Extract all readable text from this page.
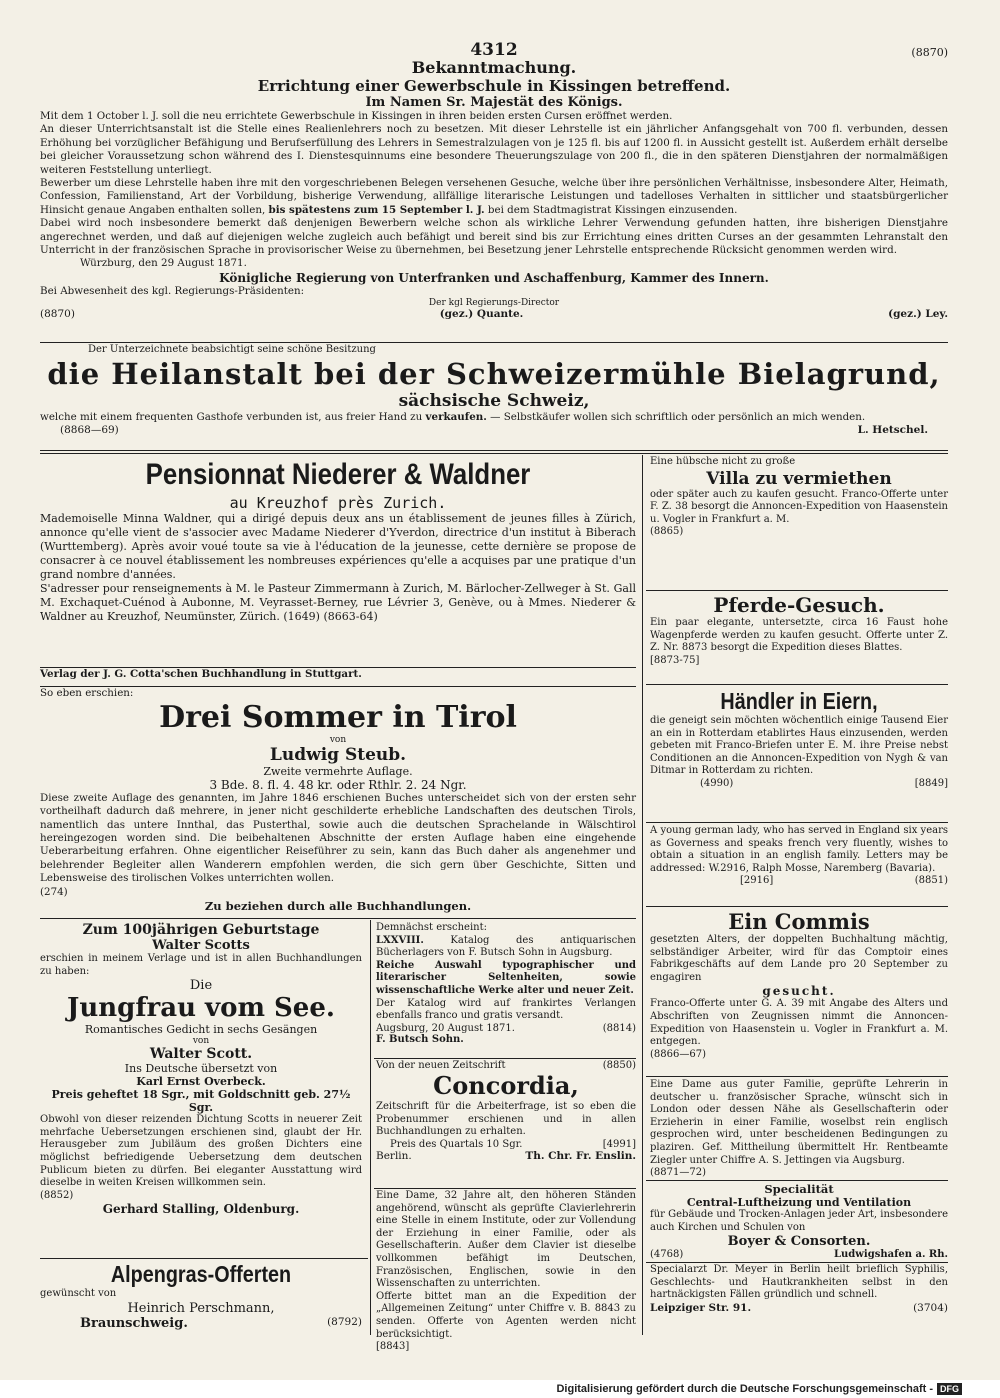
4312	(8870)
Bekanntmachung.
Errichtung einer Gewerbschule in Kissingen betreffend.
Im Namen Sr. Majestät des Königs.

Mit dem 1 October l. J. soll die neu errichtete Gewerbschule in Kissingen in ihren beiden ersten Cursen eröffnet werden.

An dieser Unterrichtsanstalt ist die Stelle eines Realienlehrers noch zu besetzen. Mit dieser Lehrstelle ist ein jährlicher Anfangsgehalt von 700 fl. verbunden, dessen Erhöhung bei vorzüglicher Befähigung und Berufserfüllung des Lehrers in Semestralzulagen von je 125 fl. bis auf 1200 fl. in Aussicht gestellt ist. Außerdem erhält derselbe bei gleicher Voraussetzung schon während des I. Dienstesquinnums eine besondere Theuerungszulage von 200 fl., die in den späteren Dienstjahren der normalmäßigen weiteren Feststellung unterliegt.

Bewerber um diese Lehrstelle haben ihre mit den vorgeschriebenen Belegen versehenen Gesuche, welche über ihre persönlichen Verhältnisse, insbesondere Alter, Heimath, Confession, Familienstand, Art der Vorbildung, bisherige Verwendung, allfällige literarische Leistungen und tadelloses Verhalten in sittlicher und staatsbürgerlicher Hinsicht genaue Angaben enthalten sollen, bis spätestens zum 15 September l. J. bei dem Stadtmagistrat Kissingen einzusenden.

Dabei wird noch insbesondere bemerkt daß denjenigen Bewerbern welche schon als wirkliche Lehrer Verwendung gefunden hatten, ihre bisherigen Dienstjahre angerechnet werden, und daß auf diejenigen welche zugleich auch befähigt und bereit sind bis zur Errichtung eines dritten Curses an der gesammten Lehranstalt den Unterricht in der französischen Sprache in provisorischer Weise zu übernehmen, bei Besetzung jener Lehrstelle entsprechende Rücksicht genommen werden wird.

Würzburg, den 29 August 1871.
Königliche Regierung von Unterfranken und Aschaffenburg, Kammer des Innern.
Bei Abwesenheit des kgl. Regierungs-Präsidenten:
Der kgl Regierungs-Director
(8870)	(gez.) Quante.	(gez.) Ley.
Der Unterzeichnete beabsichtigt seine schöne Besitzung
die Heilanstalt bei der Schweizermühle Bielagrund,
sächsische Schweiz,
welche mit einem frequenten Gasthofe verbunden ist, aus freier Hand zu verkaufen. — Selbstkäufer wollen sich schriftlich oder persönlich an mich wenden.
(8868—69)	L. Hetschel.
Pensionnat Niederer & Waldner
au Kreuzhof près Zurich.

Mademoiselle Minna Waldner, qui a dirigé depuis deux ans un établissement de jeunes filles à Zürich, annonce qu'elle vient de s'associer avec Madame Niederer d'Yverdon, directrice d'un institut à Biberach (Wurttemberg). Après avoir voué toute sa vie à l'éducation de la jeunesse, cette dernière se propose de consacrer à ce nouvel établissement les nombreuses expériences qu'elle a acquises par une pratique d'un grand nombre d'années.

S'adresser pour renseignements à M. le Pasteur Zimmermann à Zurich, M. Bärlocher-Zellweger à St. Gall M. Exchaquet-Cuénod à Aubonne, M. Veyrasset-Berney, rue Lévrier 3, Genève, ou à Mmes. Niederer & Waldner au Kreuzhof, Neumünster, Zürich. (1649) (8663-64)

Verlag der J. G. Cotta'schen Buchhandlung in Stuttgart.
So eben erschien:
Drei Sommer in Tirol
von
Ludwig Steub.
Zweite vermehrte Auflage.
3 Bde. 8. fl. 4. 48 kr. oder Rthlr. 2. 24 Ngr.

Diese zweite Auflage des genannten, im Jahre 1846 erschienen Buches unterscheidet sich von der ersten sehr vortheilhaft dadurch daß mehrere, in jener nicht geschilderte erhebliche Landschaften des deutschen Tirols, namentlich das untere Innthal, das Pusterthal, sowie auch die deutschen Sprachelande in Wälschtirol hereingezogen worden sind. Die beibehaltenen Abschnitte der ersten Auflage haben eine eingehende Ueberarbeitung erfahren. Ohne eigentlicher Reiseführer zu sein, kann das Buch daher als angenehmer und belehrender Begleiter allen Wanderern empfohlen werden, die sich gern über Geschichte, Sitten und Lebensweise des tirolischen Volkes unterrichten wollen.

(274)
Zu beziehen durch alle Buchhandlungen.
Zum 100jährigen Geburtstage
Walter Scotts

erschien in meinem Verlage und ist in allen Buchhandlungen zu haben:

Die
Jungfrau vom See.
Romantisches Gedicht in sechs Gesängen
von
Walter Scott.
Ins Deutsche übersetzt von
Karl Ernst Overbeck.
Preis geheftet 18 Sgr., mit Goldschnitt geb. 27½ Sgr.

Obwohl von dieser reizenden Dichtung Scotts in neuerer Zeit mehrfache Uebersetzungen erschienen sind, glaubt der Hr. Herausgeber zum Jubiläum des großen Dichters eine möglichst befriedigende Uebersetzung dem deutschen Publicum bieten zu dürfen. Bei eleganter Ausstattung wird dieselbe in weiten Kreisen willkommen sein.

(8852)
Gerhard Stalling, Oldenburg.
Alpengras-Offerten
gewünscht von
Heinrich Perschmann,
Braunschweig.	(8792)
Demnächst erscheint:

LXXVIII.	Katalog des antiquarischen Bücherlagers von F. Butsch Sohn in Augsburg.

Reiche Auswahl typographischer und literarischer Seltenheiten, sowie wissenschaftliche Werke alter und neuer Zeit.

Der Katalog wird auf frankirtes Verlangen ebenfalls franco und gratis versandt.

Augsburg, 20 August 1871.	(8814)
F. Butsch Sohn.
Von der neuen Zeitschrift	(8850)
Concordia,

Zeitschrift für die Arbeiterfrage, ist so eben die Probenummer erschienen und in allen Buchhandlungen zu erhalten.

Preis des Quartals 10 Sgr.	[4991]
Berlin.	Th. Chr. Fr. Enslin.

Eine Dame, 32 Jahre alt, den höheren Ständen angehörend, wünscht als geprüfte Clavierlehrerin eine Stelle in einem Institute, oder zur Vollendung der Erziehung in einer Familie, oder als Gesellschafterin. Außer dem Clavier ist dieselbe vollkommen befähigt im Deutschen, Französischen, Englischen, sowie in den Wissenschaften zu unterrichten.

Offerte bittet man an die Expedition der „Allgemeinen Zeitung“ unter Chiffre v. B. 8843 zu senden. Offerte von Agenten werden nicht berücksichtigt.

[8843]
Eine hübsche nicht zu große
Villa zu vermiethen

oder später auch zu kaufen gesucht. Franco-Offerte unter F. Z. 38 besorgt die Annoncen-Expedition von Haasenstein u. Vogler in Frankfurt a. M.

(8865)
Pferde-Gesuch.

Ein paar elegante, untersetzte, circa 16 Faust hohe Wagenpferde werden zu kaufen gesucht. Offerte unter Z. Z. Nr. 8873 besorgt die Expedition dieses Blattes.

[8873-75]
Händler in Eiern,

die geneigt sein möchten wöchentlich einige Tausend Eier an ein in Rotterdam etablirtes Haus einzusenden, werden gebeten mit Franco-Briefen unter E. M. ihre Preise nebst Conditionen an die Annoncen-Expedition von Nygh & van Ditmar in Rotterdam zu richten.

(4990)	[8849]

A young german lady, who has served in England six years as Governess and speaks french very fluently, wishes to obtain a situation in an english family. Letters may be addressed: W.2916, Ralph Mosse, Naremberg (Bavaria).

[2916]	(8851)
Ein Commis

gesetzten Alters, der doppelten Buchhaltung mächtig, selbständiger Arbeiter, wird für das Comptoir eines Fabrikgeschäfts auf dem Lande pro 20 September zu engagiren

gesucht.

Franco-Offerte unter G. A. 39 mit Angabe des Alters und Abschriften von Zeugnissen nimmt die Annoncen-Expedition von Haasenstein u. Vogler in Frankfurt a. M. entgegen.

(8866—67)

Eine Dame aus guter Familie, geprüfte Lehrerin in deutscher u. französischer Sprache, wünscht sich in London oder dessen Nähe als Gesellschafterin oder Erzieherin in einer Familie, woselbst rein englisch gesprochen wird, unter bescheidenen Bedingungen zu plaziren. Gef. Mittheilung übermittelt Hr. Rentbeamte Ziegler unter Chiffre A. S. Jettingen via Augsburg.

(8871—72)
Specialität
Central-Luftheizung und Ventilation

für Gebäude und Trocken-Anlagen jeder Art, insbesondere auch Kirchen und Schulen von

Boyer & Consorten.
(4768)	Ludwigshafen a. Rh.

Specialarzt Dr. Meyer in Berlin heilt brieflich Syphilis, Geschlechts- und Hautkrankheiten selbst in den hartnäckigsten Fällen gründlich und schnell.

Leipziger Str. 91.	(3704)
Digitalisierung gefördert durch die Deutsche Forschungsgemeinschaft - DFG
